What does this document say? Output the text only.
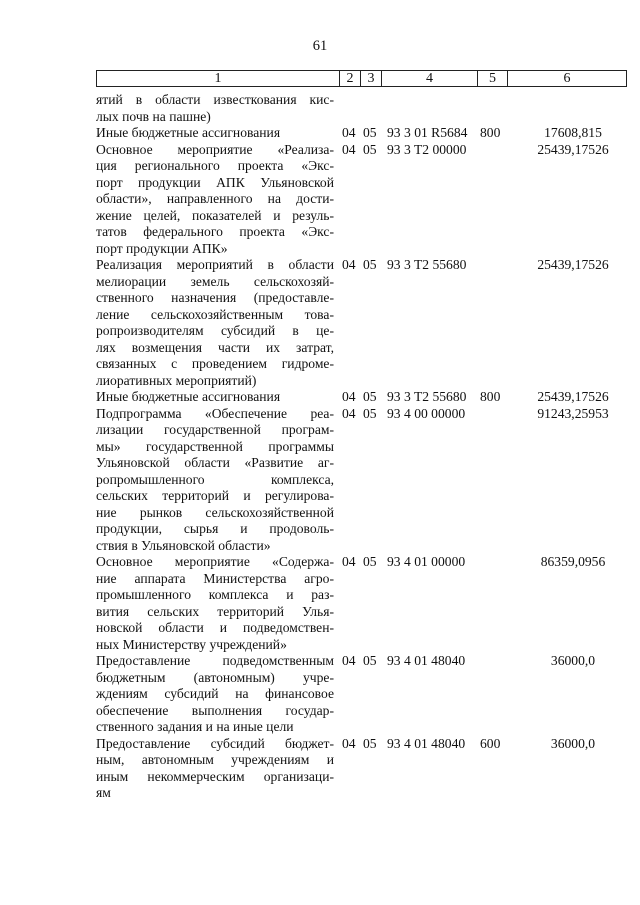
61
1	2	3	4	5	6
ятий в области известкования кис-
лых почв на пашне)
Иные бюджетные ассигнования	04 05 93 3 01 R5684 800	17608,815
Основное мероприятие «Реализа-
ция регионального проекта «Экс-
порт продукции АПК Ульяновской
области», направленного на дости-
жение целей, показателей и резуль-
татов федерального проекта «Экс-
порт продукции АПК»
04 05 93 3 T2 00000	25439,17526
Реализация мероприятий в области
мелиорации земель сельскохозяй-
ственного назначения (предоставле-
ление сельскохозяйственным това-
ропроизводителям субсидий в це-
лях возмещения части их затрат,
связанных с проведением гидроме-
лиоративных мероприятий)
04 05 93 3 T2 55680	25439,17526
Иные бюджетные ассигнования	04 05 93 3 T2 55680 800	25439,17526
Подпрограмма «Обеспечение реа-
лизации государственной програм-
мы» государственной программы
Ульяновской области «Развитие аг-
ропромышленного комплекса,
сельских территорий и регулирова-
ние рынков сельскохозяйственной
продукции, сырья и продоволь-
ствия в Ульяновской области»
04 05 93 4 00 00000	91243,25953
Основное мероприятие «Содержа-
ние аппарата Министерства агро-
промышленного комплекса и раз-
вития сельских территорий Улья-
новской области и подведомствен-
ных Министерству учреждений»
04 05 93 4 01 00000	86359,0956
Предоставление подведомственным
бюджетным (автономным) учре-
ждениям субсидий на финансовое
обеспечение выполнения государ-
ственного задания и на иные цели
04 05 93 4 01 48040	36000,0
Предоставление субсидий бюджет-
ным, автономным учреждениям и
иным некоммерческим организаци-
ям
04 05 93 4 01 48040 600	36000,0
